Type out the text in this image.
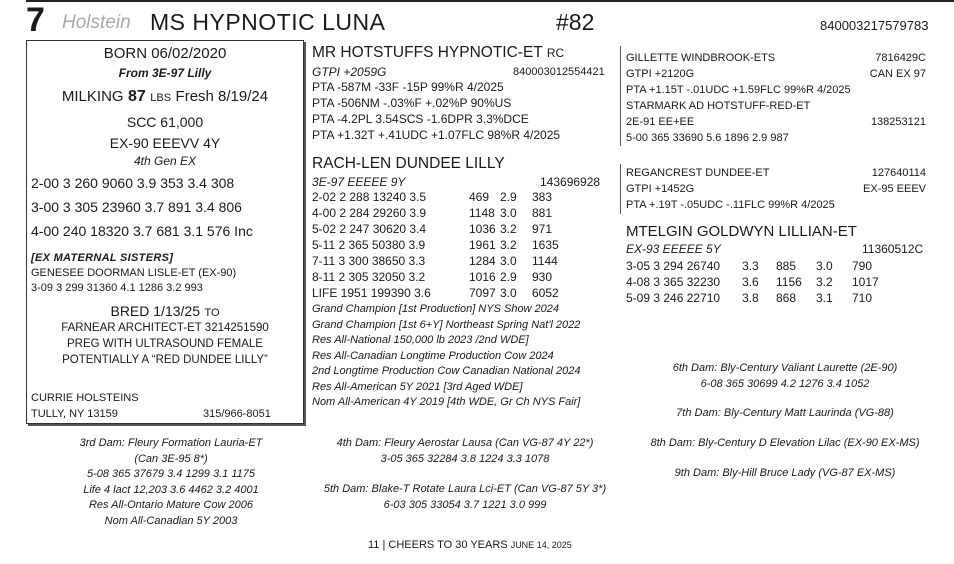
7 Holstein MS HYPNOTIC LUNA	#82	840003217579783
BORN 06/02/2020
From 3E-97 Lilly
MILKING 87 LBS Fresh 8/19/24
SCC 61,000
EX-90 EEEVV 4Y
4th Gen EX
2-00 3 260 9060 3.9 353 3.4 308
3-00 3 305 23960 3.7 891 3.4 806
4-00 240 18320 3.7 681 3.1 576 Inc
[EX MATERNAL SISTERS]
GENESEE DOORMAN LISLE-ET (EX-90)
3-09 3 299 31360 4.1 1286 3.2 993
BRED 1/13/25 TO
FARNEAR ARCHITECT-ET 3214251590
PREG WITH ULTRASOUND FEMALE
POTENTIALLY A “RED DUNDEE LILLY”
CURRIE HOLSTEINS
TULLY, NY 13159	315/966-8051
MR HOTSTUFFS HYPNOTIC-ET RC
GTPI +2059G	840003012554421
PTA -587M -33F -15P 99%R 4/2025
PTA -506NM -.03%F +.02%P 90%US
PTA -4.2PL 3.54SCS -1.6DPR 3.3%DCE
PTA +1.32T +.41UDC +1.07FLC 98%R 4/2025
GILLETTE WINDBROOK-ETS	7816429C
GTPI +2120G	CAN EX 97
PTA +1.15T -.01UDC +1.59FLC 99%R 4/2025
STARMARK AD HOTSTUFF-RED-ET
2E-91 EE+EE	138253121
5-00 365 33690 5.6 1896 2.9 987
RACH-LEN DUNDEE LILLY
3E-97 EEEEE 9Y	143696928
2-02 2 288 13240 3.5	469 2.9 383
4-00 2 284 29260 3.9	1148 3.0 881
5-02 2 247 30620 3.4	1036 3.2 971
5-11 2 365 50380 3.9	1961 3.2 1635
7-11 3 300 38650 3.3	1284 3.0 1144
8-11 2 305 32050 3.2	1016 2.9 930
LIFE 1951 199390 3.6	7097 3.0 6052
Grand Champion [1st Production] NYS Show 2024
Grand Champion [1st 6+Y] Northeast Spring Nat'l 2022
Res All-National 150,000 lb 2023 /2nd WDE]
Res All-Canadian Longtime Production Cow 2024
2nd Longtime Production Cow Canadian National 2024
Res All-American 5Y 2021 [3rd Aged WDE]
Nom All-American 4Y 2019 [4th WDE, Gr Ch NYS Fair]
REGANCREST DUNDEE-ET	127640114
GTPI +1452G	EX-95 EEEV
PTA +.19T -.05UDC -.11FLC 99%R 4/2025
MTELGIN GOLDWYN LILLIAN-ET
EX-93 EEEEE 5Y	11360512C
3-05 3 294 26740 3.3 885 3.0 790
4-08 3 365 32230 3.6 1156 3.2 1017
5-09 3 246 22710 3.8 868 3.1 710
3rd Dam: Fleury Formation Lauria-ET
(Can 3E-95 8*)
5-08 365 37679 3.4 1299 3.1 1175
Life 4 lact 12,203 3.6 4462 3.2 4001
Res All-Ontario Mature Cow 2006
Nom All-Canadian 5Y 2003
4th Dam: Fleury Aerostar Lausa (Can VG-87 4Y 22*)
3-05 365 32284 3.8 1224 3.3 1078
5th Dam: Blake-T Rotate Laura Lci-ET (Can VG-87 5Y 3*)
6-03 305 33054 3.7 1221 3.0 999
6th Dam: Bly-Century Valiant Laurette (2E-90)
6-08 365 30699 4.2 1276 3.4 1052
7th Dam: Bly-Century Matt Laurinda (VG-88)
8th Dam: Bly-Century D Elevation Lilac (EX-90 EX-MS)
9th Dam: Bly-Hill Bruce Lady (VG-87 EX-MS)
11 | CHEERS TO 30 YEARS JUNE 14, 2025
